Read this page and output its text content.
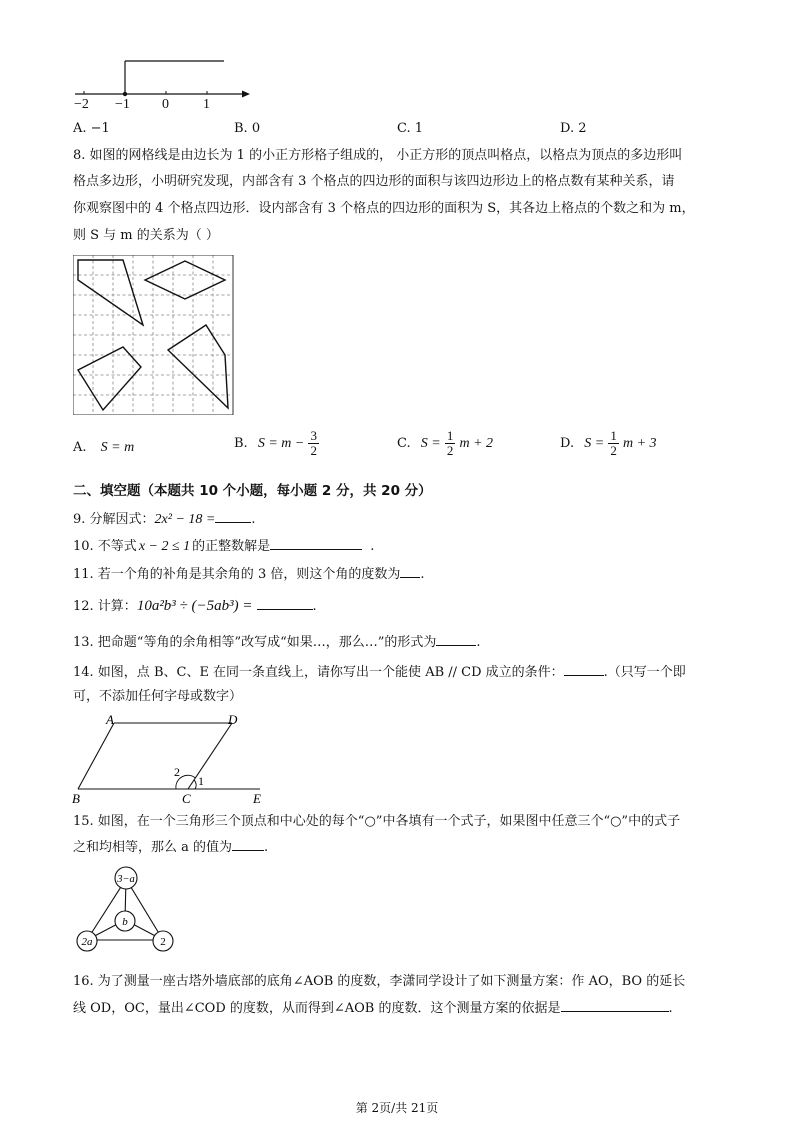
−2 −1 0 1
A. −1	B. 0	C. 1	D. 2
8. 如图的网格线是由边长为 1 的小正方形格子组成的， 小正方形的顶点叫格点，以格点为顶点的多边形叫
格点多边形，小明研究发现，内部含有 3 个格点的四边形的面积与该四边形边上的格点数有某种关系，请
你观察图中的 4 个格点四边形．设内部含有 3 个格点的四边形的面积为 S，其各边上格点的个数之和为 m，
则 S 与 m 的关系为（ ）
A. S = m	B. $S = m - \frac{3}{2}$	C. $S = \frac{1}{2}$ m + 2	D. $S = \frac{1}{2}$ m + 3
二、填空题（本题共 10 个小题，每小题 2 分，共 20 分）
9. 分解因式：2x² − 18 =	.
10. 不等式 x − 2 ≤ 1 的正整数解是	.
11. 若一个角的补角是其余角的 3 倍，则这个角的度数为 .
12. 计算：10a²b³ ÷ (−5ab³) =	.
13. 把命题“等角的余角相等”改写成“如果…，那么…”的形式为	.
14. 如图，点 B、C、E 在同一条直线上，请你写出一个能使 AB // CD 成立的条件：	.（只写一个即
可，不添加任何字母或数字）
A	D
B	C	E
2
1
15. 如图，在一个三角形三个顶点和中心处的每个“○”中各填有一个式子，如果图中任意三个“○”中的式子
之和均相等，那么 a 的值为 .
3−a
b
2a	2
16. 为了测量一座古塔外墙底部的底角∠AOB 的度数，李潇同学设计了如下测量方案：作 AO，BO 的延长
线 OD，OC，量出∠COD 的度数，从而得到∠AOB 的度数．这个测量方案的依据是	.
第 2页/共 21页
